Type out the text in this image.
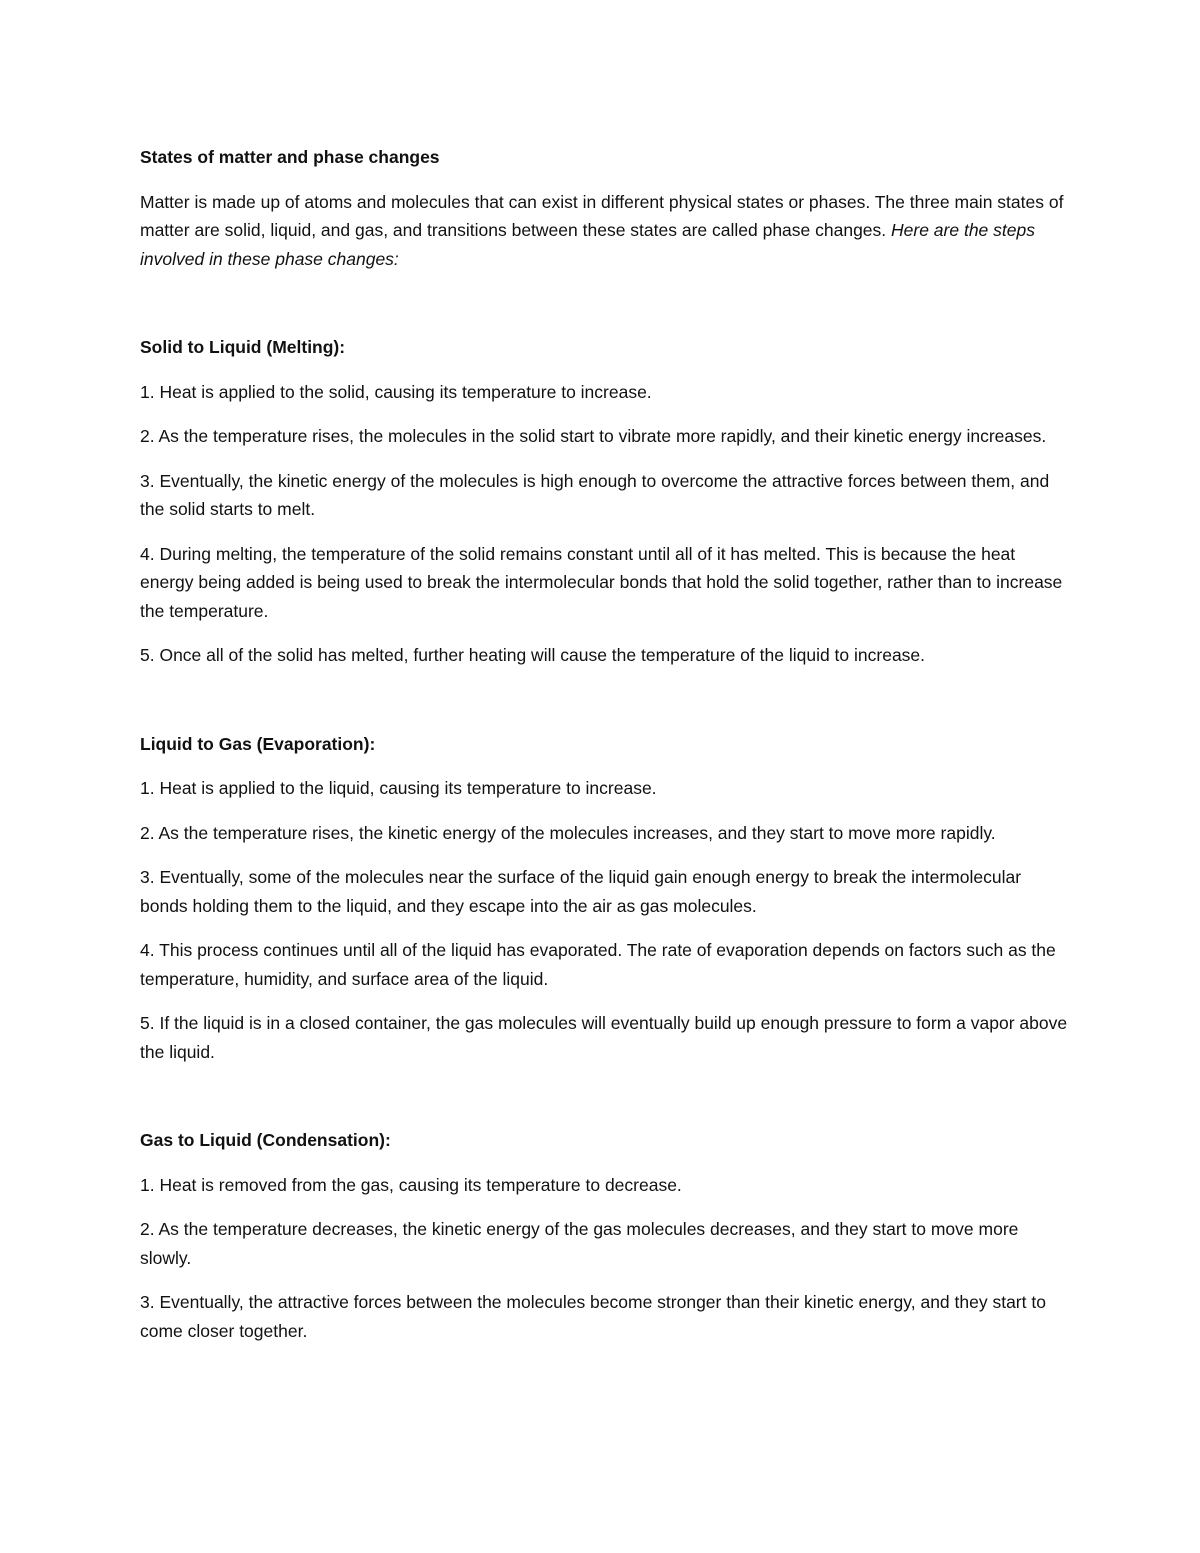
States of matter and phase changes

Matter is made up of atoms and molecules that can exist in different physical states or phases. The three main states of matter are solid, liquid, and gas, and transitions between these states are called phase changes. Here are the steps involved in these phase changes:

Solid to Liquid (Melting):

1. Heat is applied to the solid, causing its temperature to increase.

2. As the temperature rises, the molecules in the solid start to vibrate more rapidly, and their kinetic energy increases.

3. Eventually, the kinetic energy of the molecules is high enough to overcome the attractive forces between them, and the solid starts to melt.

4. During melting, the temperature of the solid remains constant until all of it has melted. This is because the heat energy being added is being used to break the intermolecular bonds that hold the solid together, rather than to increase the temperature.

5. Once all of the solid has melted, further heating will cause the temperature of the liquid to increase.

Liquid to Gas (Evaporation):

1. Heat is applied to the liquid, causing its temperature to increase.

2. As the temperature rises, the kinetic energy of the molecules increases, and they start to move more rapidly.

3. Eventually, some of the molecules near the surface of the liquid gain enough energy to break the intermolecular bonds holding them to the liquid, and they escape into the air as gas molecules.

4. This process continues until all of the liquid has evaporated. The rate of evaporation depends on factors such as the temperature, humidity, and surface area of the liquid.

5. If the liquid is in a closed container, the gas molecules will eventually build up enough pressure to form a vapor above the liquid.

Gas to Liquid (Condensation):

1. Heat is removed from the gas, causing its temperature to decrease.

2. As the temperature decreases, the kinetic energy of the gas molecules decreases, and they start to move more slowly.

3. Eventually, the attractive forces between the molecules become stronger than their kinetic energy, and they start to come closer together.
